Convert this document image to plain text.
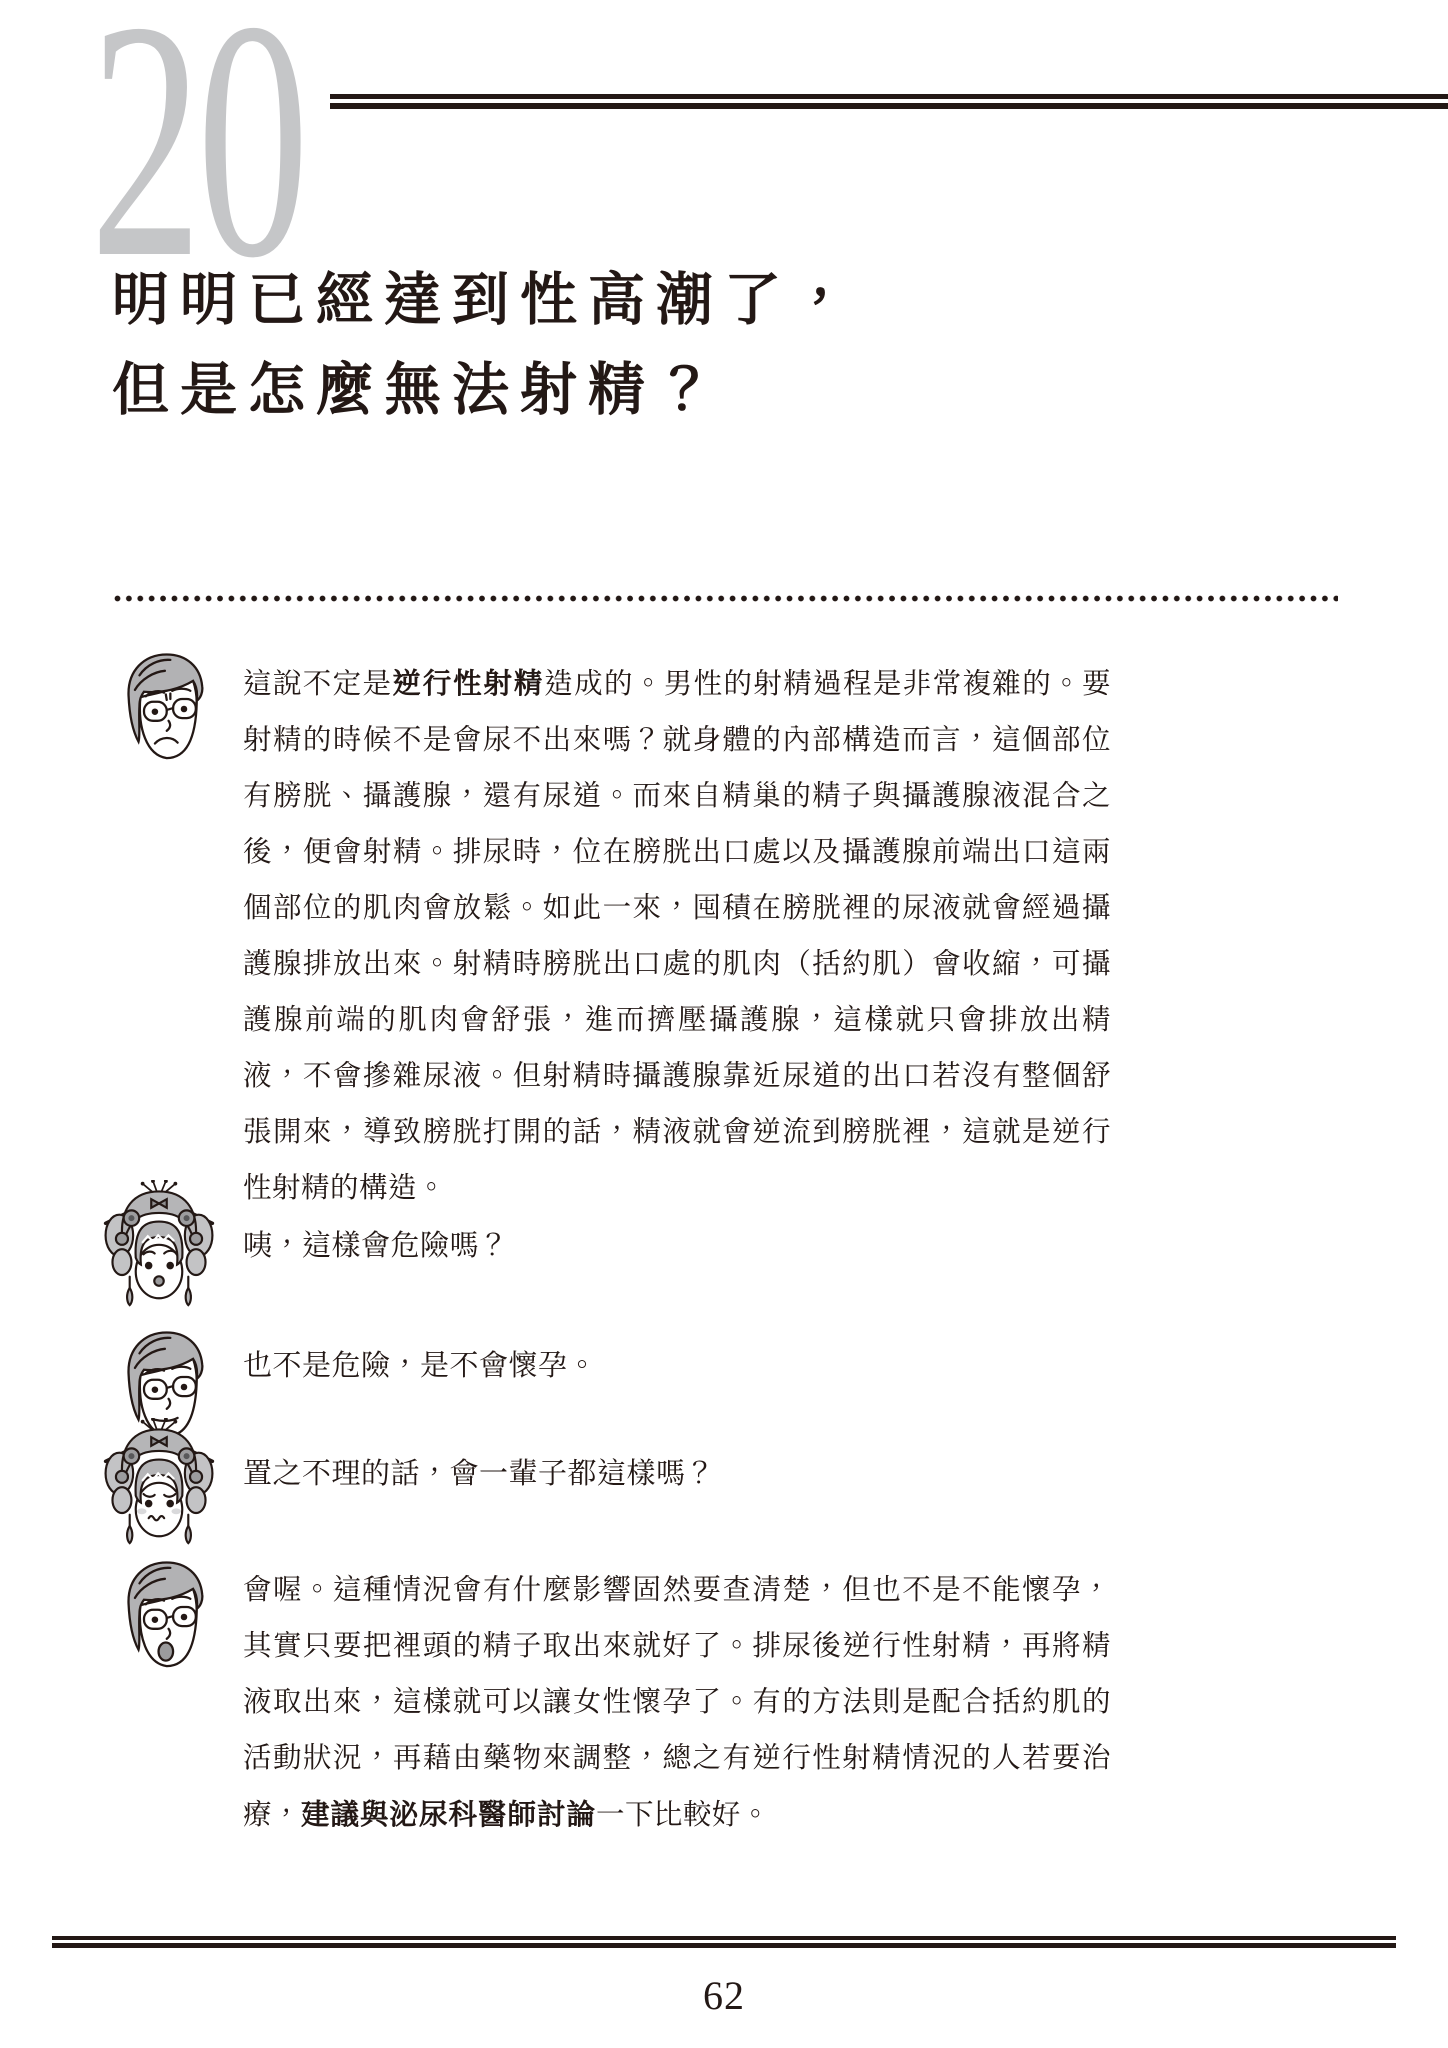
20
明明已經達到性高潮了，
但是怎麼無法射精？
這說不定是逆行性射精造成的。男性的射精過程是非常複雜的。要射精的時候不是會尿不出來嗎？就身體的內部構造而言，這個部位有膀胱、攝護腺，還有尿道。而來自精巢的精子與攝護腺液混合之後，便會射精。排尿時，位在膀胱出口處以及攝護腺前端出口這兩個部位的肌肉會放鬆。如此一來，囤積在膀胱裡的尿液就會經過攝護腺排放出來。射精時膀胱出口處的肌肉（括約肌）會收縮，可攝護腺前端的肌肉會舒張，進而擠壓攝護腺，這樣就只會排放出精液，不會摻雜尿液。但射精時攝護腺靠近尿道的出口若沒有整個舒張開來，導致膀胱打開的話，精液就會逆流到膀胱裡，這就是逆行性射精的構造。
咦，這樣會危險嗎？
也不是危險，是不會懷孕。
置之不理的話，會一輩子都這樣嗎？
會喔。這種情況會有什麼影響固然要查清楚，但也不是不能懷孕，其實只要把裡頭的精子取出來就好了。排尿後逆行性射精，再將精液取出來，這樣就可以讓女性懷孕了。有的方法則是配合括約肌的活動狀況，再藉由藥物來調整，總之有逆行性射精情況的人若要治療，建議與泌尿科醫師討論一下比較好。
62
